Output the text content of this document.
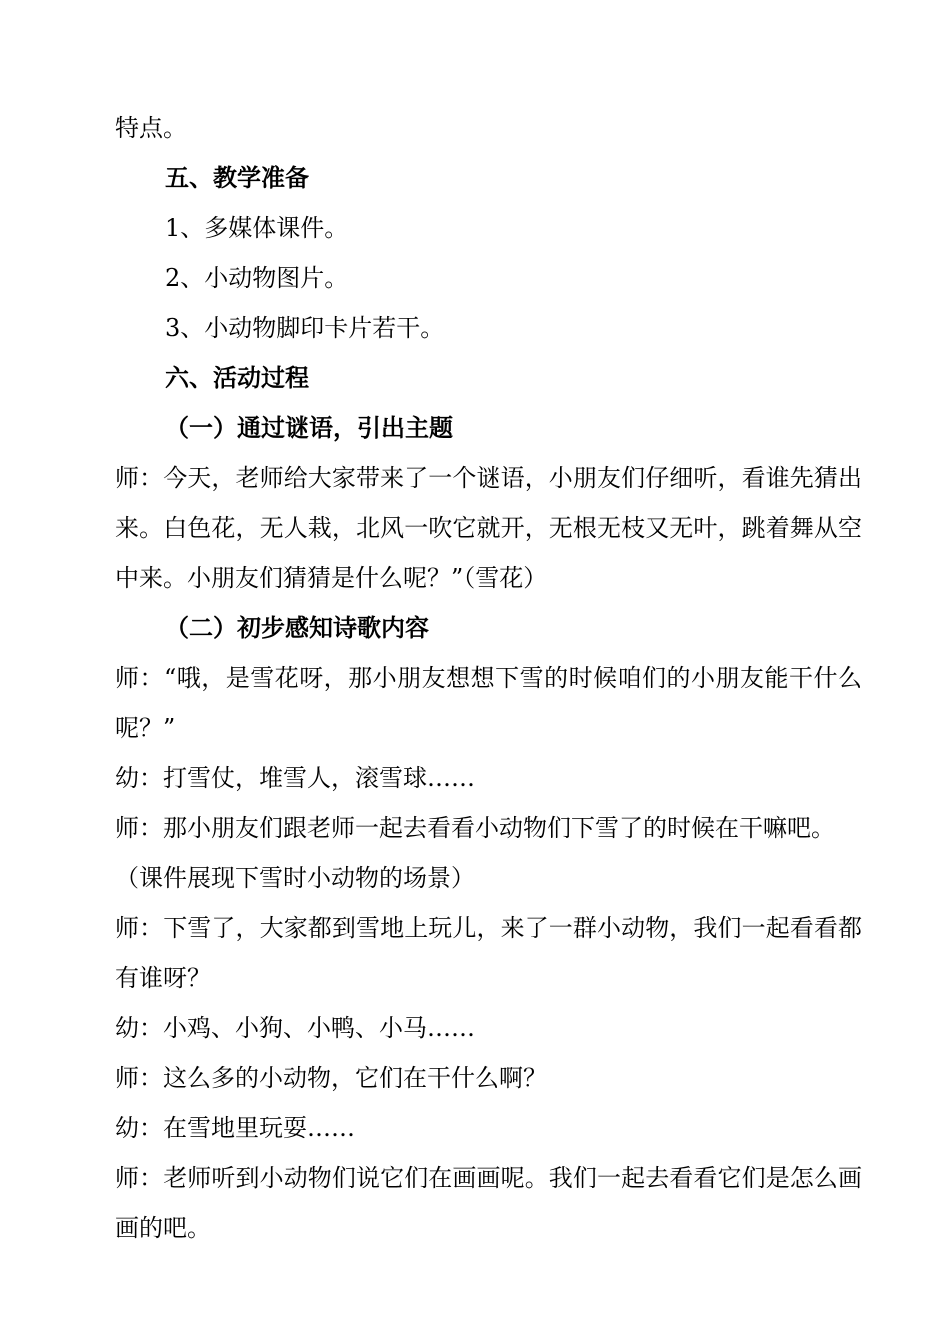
特点。
五、教学准备
1、多媒体课件。
2、小动物图片。
3、小动物脚印卡片若干。
六、活动过程
（一）通过谜语，引出主题
师：今天，老师给大家带来了一个谜语，小朋友们仔细听，看谁先猜出来。白色花，无人栽，北风一吹它就开，无根无枝又无叶，跳着舞从空中来。小朋友们猜猜是什么呢？”（雪花）
（二）初步感知诗歌内容
师：“哦，是雪花呀，那小朋友想想下雪的时候咱们的小朋友能干什么呢？”
幼：打雪仗，堆雪人，滚雪球……
师：那小朋友们跟老师一起去看看小动物们下雪了的时候在干嘛吧。
（课件展现下雪时小动物的场景）
师：下雪了，大家都到雪地上玩儿，来了一群小动物，我们一起看看都有谁呀？
幼：小鸡、小狗、小鸭、小马……
师：这么多的小动物，它们在干什么啊？
幼：在雪地里玩耍……
师：老师听到小动物们说它们在画画呢。我们一起去看看它们是怎么画画的吧。
